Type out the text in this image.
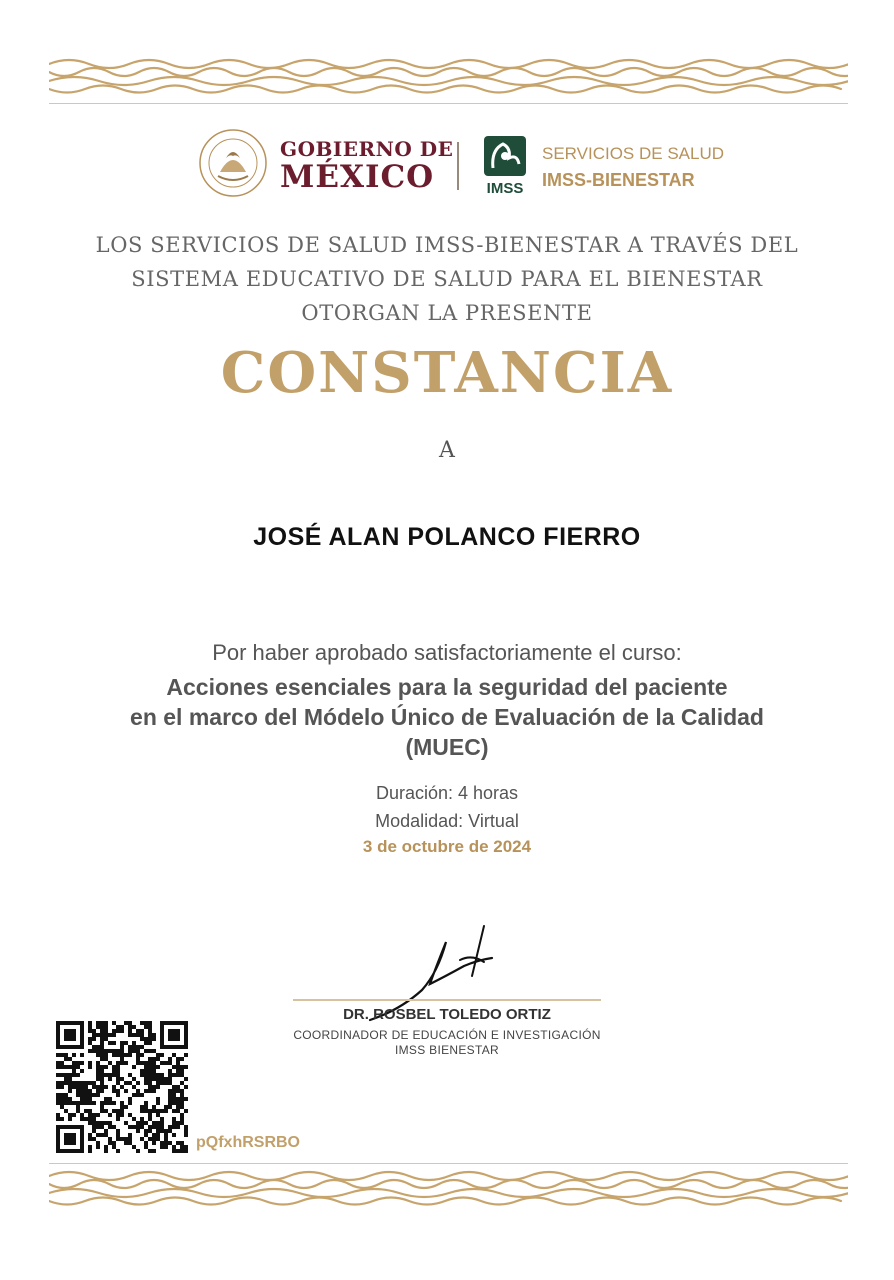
GOBIERNO DE
MÉXICO	IMSS
SERVICIOS DE SALUD
IMSS-BIENESTAR
LOS SERVICIOS DE SALUD IMSS-BIENESTAR A TRAVÉS DEL
SISTEMA EDUCATIVO DE SALUD PARA EL BIENESTAR
OTORGAN LA PRESENTE
CONSTANCIA
A
JOSÉ ALAN POLANCO FIERRO
Por haber aprobado satisfactoriamente el curso:
Acciones esenciales para la seguridad del paciente
en el marco del Módelo Único de Evaluación de la Calidad
(MUEC)
Duración: 4 horas
Modalidad: Virtual
3 de octubre de 2024
DR. ROSBEL TOLEDO ORTIZ
COORDINADOR DE EDUCACIÓN E INVESTIGACIÓN
IMSS BIENESTAR
pQfxhRSRBO
